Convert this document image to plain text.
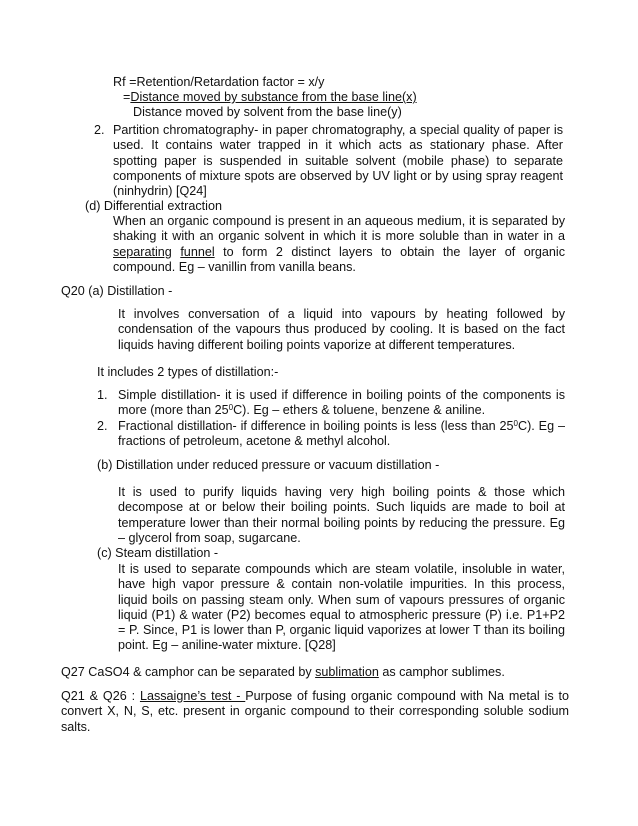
Rf =Retention/Retardation factor = x/y
=Distance moved by substance from the base line(x)
Distance moved by solvent from the base line(y)
2. Partition chromatography- in paper chromatography, a special quality of paper is used. It contains water trapped in it which acts as stationary phase. After spotting paper is suspended in suitable solvent (mobile phase) to separate components of mixture spots are observed by UV light or by using spray reagent (ninhydrin) [Q24]
(d) Differential extraction
When an organic compound is present in an aqueous medium, it is separated by shaking it with an organic solvent in which it is more soluble than in water in a separating funnel to form 2 distinct layers to obtain the layer of organic compound. Eg – vanillin from vanilla beans.
Q20 (a) Distillation -
It involves conversation of a liquid into vapours by heating followed by condensation of the vapours thus produced by cooling. It is based on the fact liquids having different boiling points vaporize at different temperatures.
It includes 2 types of distillation:-
1. Simple distillation- it is used if difference in boiling points of the components is more (more than $25^0C$). Eg – ethers & toluene, benzene & aniline.
2. Fractional distillation- if difference in boiling points is less (less than $25^0C$). Eg – fractions of petroleum, acetone & methyl alcohol.
(b) Distillation under reduced pressure or vacuum distillation -
It is used to purify liquids having very high boiling points & those which decompose at or below their boiling points. Such liquids are made to boil at temperature lower than their normal boiling points by reducing the pressure. Eg – glycerol from soap, sugarcane.
(c) Steam distillation -
It is used to separate compounds which are steam volatile, insoluble in water, have high vapor pressure & contain non-volatile impurities. In this process, liquid boils on passing steam only. When sum of vapours pressures of organic liquid (P1) & water (P2) becomes equal to atmospheric pressure (P) i.e. P1+P2 = P. Since, P1 is lower than P, organic liquid vaporizes at lower T than its boiling point. Eg – aniline-water mixture. [Q28]
Q27 CaSO4 & camphor can be separated by sublimation as camphor sublimes.
Q21 & Q26 : Lassaigne’s test - Purpose of fusing organic compound with Na metal is to convert X, N, S, etc. present in organic compound to their corresponding soluble sodium salts.
